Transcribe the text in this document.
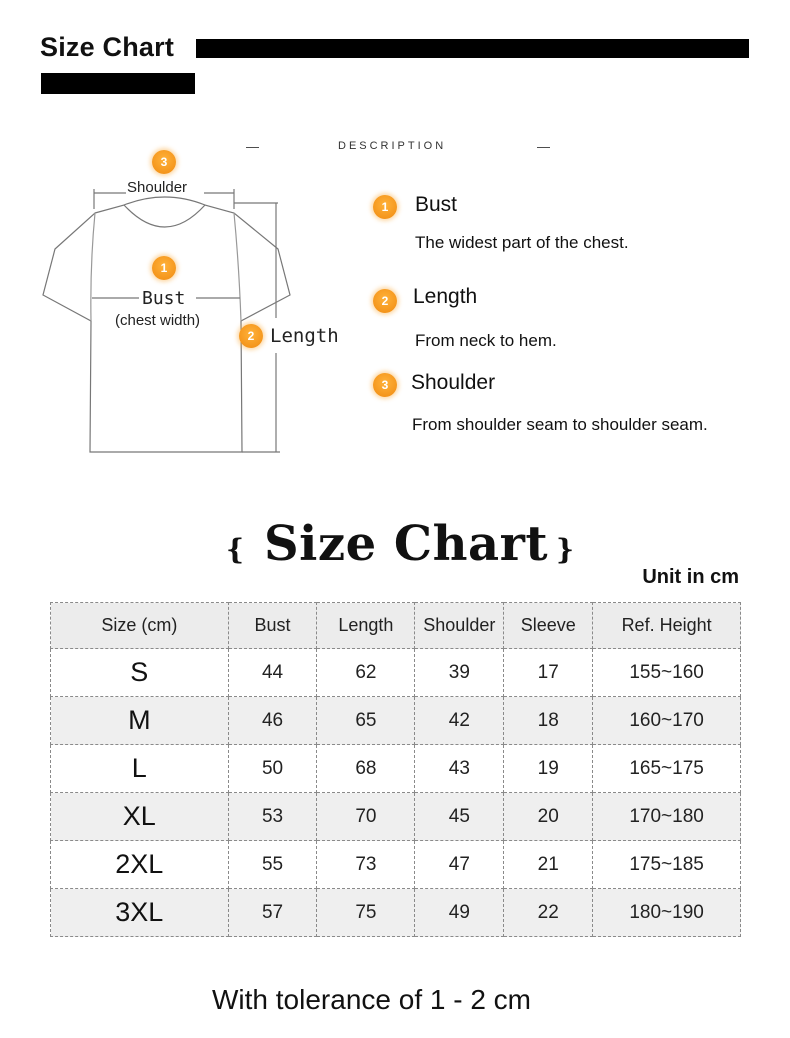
Size Chart
—	DESCRIPTION	—
3
Shoulder
1
Bust
(chest width)
2 Length
1	Bust
The widest part of the chest.
2	Length
From neck to hem.
3	Shoulder
From shoulder seam to shoulder seam.
{ Size Chart }
Unit in cm
Size (cm)	Bust	Length	Shoulder	Sleeve	Ref. Height
S	44	62	39	17	155~160
M	46	65	42	18	160~170
L	50	68	43	19	165~175
XL	53	70	45	20	170~180
2XL	55	73	47	21	175~185
3XL	57	75	49	22	180~190
With tolerance of 1 - 2 cm
